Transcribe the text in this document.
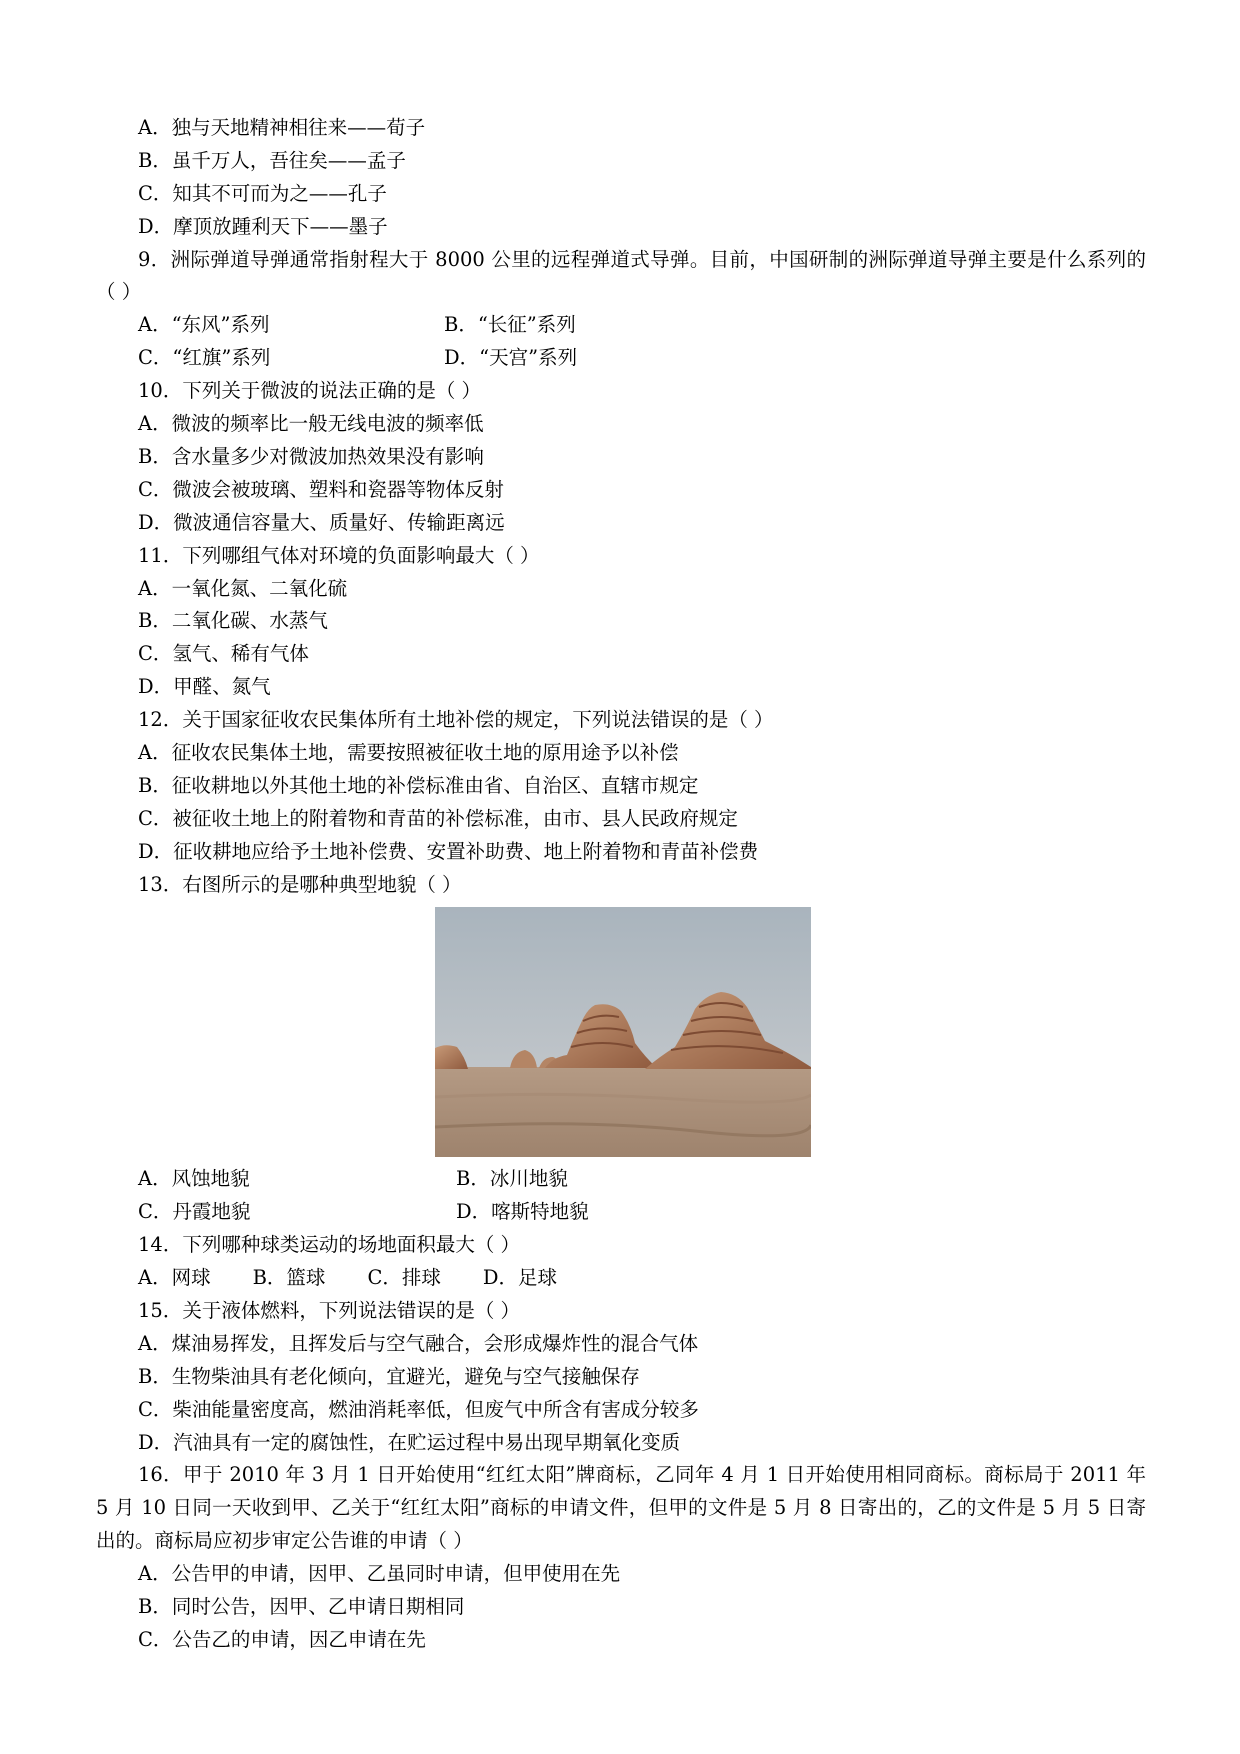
A．独与天地精神相往来——荀子
B．虽千万人，吾往矣——孟子
C．知其不可而为之——孔子
D．摩顶放踵利天下——墨子
9．洲际弹道导弹通常指射程大于 8000 公里的远程弹道式导弹。目前，中国研制的洲际弹道导弹主要是什么系列的（ ）
A．“东风”系列	B．“长征”系列
C．“红旗”系列	D．“天宫”系列
10．下列关于微波的说法正确的是（ ）
A．微波的频率比一般无线电波的频率低
B．含水量多少对微波加热效果没有影响
C．微波会被玻璃、塑料和瓷器等物体反射
D．微波通信容量大、质量好、传输距离远
11．下列哪组气体对环境的负面影响最大（ ）
A．一氧化氮、二氧化硫
B．二氧化碳、水蒸气
C．氢气、稀有气体
D．甲醛、氮气
12．关于国家征收农民集体所有土地补偿的规定，下列说法错误的是（ ）
A．征收农民集体土地，需要按照被征收土地的原用途予以补偿
B．征收耕地以外其他土地的补偿标准由省、自治区、直辖市规定
C．被征收土地上的附着物和青苗的补偿标准，由市、县人民政府规定
D．征收耕地应给予土地补偿费、安置补助费、地上附着物和青苗补偿费
13．右图所示的是哪种典型地貌（ ）
A．风蚀地貌	B．冰川地貌
C．丹霞地貌	D．喀斯特地貌
14．下列哪种球类运动的场地面积最大（ ）
A．网球 B．篮球 C．排球 D．足球
15．关于液体燃料，下列说法错误的是（ ）
A．煤油易挥发，且挥发后与空气融合，会形成爆炸性的混合气体
B．生物柴油具有老化倾向，宜避光，避免与空气接触保存
C．柴油能量密度高，燃油消耗率低，但废气中所含有害成分较多
D．汽油具有一定的腐蚀性，在贮运过程中易出现早期氧化变质
16．甲于 2010 年 3 月 1 日开始使用“红红太阳”牌商标，乙同年 4 月 1 日开始使用相同商标。商标局于 2011 年 5 月 10 日同一天收到甲、乙关于“红红太阳”商标的申请文件，但甲的文件是 5 月 8 日寄出的，乙的文件是 5 月 5 日寄出的。商标局应初步审定公告谁的申请（ ）
A．公告甲的申请，因甲、乙虽同时申请，但甲使用在先
B．同时公告，因甲、乙申请日期相同
C．公告乙的申请，因乙申请在先
